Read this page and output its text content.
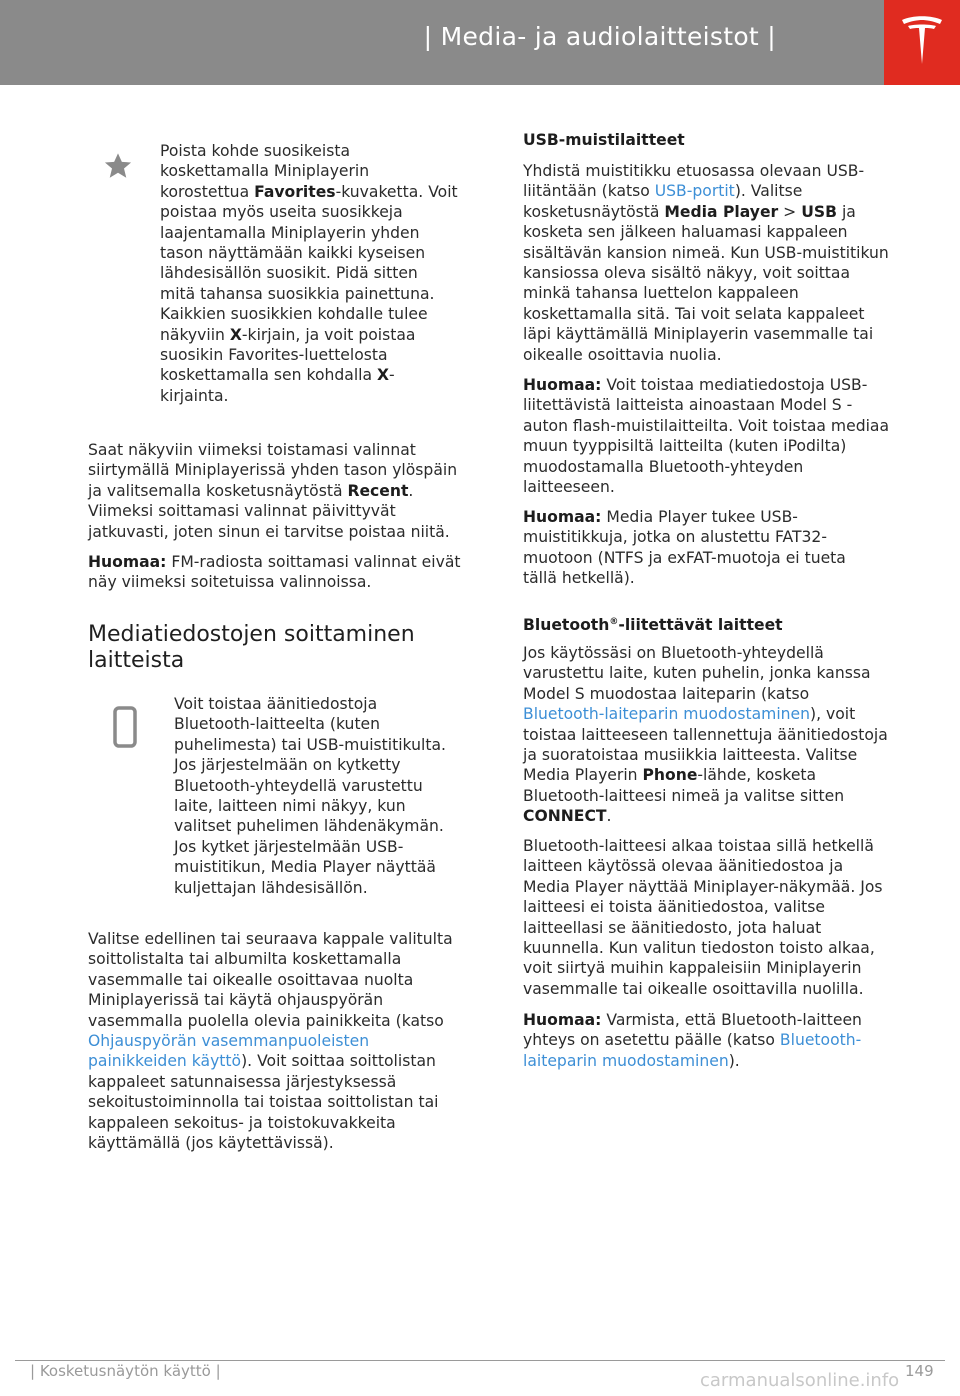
| Media- ja audiolaitteistot |
Poista kohde suosikeista
koskettamalla Miniplayerin
korostettua Favorites-kuvaketta. Voit
poistaa myös useita suosikkeja
laajentamalla Miniplayerin yhden
tason näyttämään kaikki kyseisen
lähdesisällön suosikit. Pidä sitten
mitä tahansa suosikkia painettuna.
Kaikkien suosikkien kohdalle tulee
näkyviin X-kirjain, ja voit poistaa
suosikin Favorites-luettelosta
koskettamalla sen kohdalla X-
kirjainta.
Saat näkyviin viimeksi toistamasi valinnat
siirtymällä Miniplayerissä yhden tason ylöspäin
ja valitsemalla kosketusnäytöstä Recent.
Viimeksi soittamasi valinnat päivittyvät
jatkuvasti, joten sinun ei tarvitse poistaa niitä.
Huomaa: FM-radiosta soittamasi valinnat eivät
näy viimeksi soitetuissa valinnoissa.
Mediatiedostojen soittaminen
laitteista
Voit toistaa äänitiedostoja
Bluetooth-laitteelta (kuten
puhelimesta) tai USB-muistitikulta.
Jos järjestelmään on kytketty
Bluetooth-yhteydellä varustettu
laite, laitteen nimi näkyy, kun
valitset puhelimen lähdenäkymän.
Jos kytket järjestelmään USB-
muistitikun, Media Player näyttää
kuljettajan lähdesisällön.
Valitse edellinen tai seuraava kappale valitulta
soittolistalta tai albumilta koskettamalla
vasemmalle tai oikealle osoittavaa nuolta
Miniplayerissä tai käytä ohjauspyörän
vasemmalla puolella olevia painikkeita (katso
Ohjauspyörän vasemmanpuoleisten
painikkeiden käyttö). Voit soittaa soittolistan
kappaleet satunnaisessa järjestyksessä
sekoitustoiminnolla tai toistaa soittolistan tai
kappaleen sekoitus- ja toistokuvakkeita
käyttämällä (jos käytettävissä).
USB-muistilaitteet
Yhdistä muistitikku etuosassa olevaan USB-
liitäntään (katso USB-portit). Valitse
kosketusnäytöstä Media Player > USB ja
kosketa sen jälkeen haluamasi kappaleen
sisältävän kansion nimeä. Kun USB-muistitikun
kansiossa oleva sisältö näkyy, voit soittaa
minkä tahansa luettelon kappaleen
koskettamalla sitä. Tai voit selata kappaleet
läpi käyttämällä Miniplayerin vasemmalle tai
oikealle osoittavia nuolia.
Huomaa: Voit toistaa mediatiedostoja USB-
liitettävistä laitteista ainoastaan Model S -
auton flash-muistilaitteilta. Voit toistaa mediaa
muun tyyppisiltä laitteilta (kuten iPodilta)
muodostamalla Bluetooth-yhteyden
laitteeseen.
Huomaa: Media Player tukee USB-
muistitikkuja, jotka on alustettu FAT32-
muotoon (NTFS ja exFAT-muotoja ei tueta
tällä hetkellä).
Bluetooth®-liitettävät laitteet
Jos käytössäsi on Bluetooth-yhteydellä
varustettu laite, kuten puhelin, jonka kanssa
Model S muodostaa laiteparin (katso
Bluetooth-laiteparin muodostaminen), voit
toistaa laitteeseen tallennettuja äänitiedostoja
ja suoratoistaa musiikkia laitteesta. Valitse
Media Playerin Phone-lähde, kosketa
Bluetooth-laitteesi nimeä ja valitse sitten
CONNECT.
Bluetooth-laitteesi alkaa toistaa sillä hetkellä
laitteen käytössä olevaa äänitiedostoa ja
Media Player näyttää Miniplayer-näkymää. Jos
laitteesi ei toista äänitiedostoa, valitse
laitteellasi se äänitiedosto, jota haluat
kuunnella. Kun valitun tiedoston toisto alkaa,
voit siirtyä muihin kappaleisiin Miniplayerin
vasemmalle tai oikealle osoittavilla nuolilla.
Huomaa: Varmista, että Bluetooth-laitteen
yhteys on asetettu päälle (katso Bluetooth-
laiteparin muodostaminen).
| Kosketusnäytön käyttö |	149
carmanualsonline.info
